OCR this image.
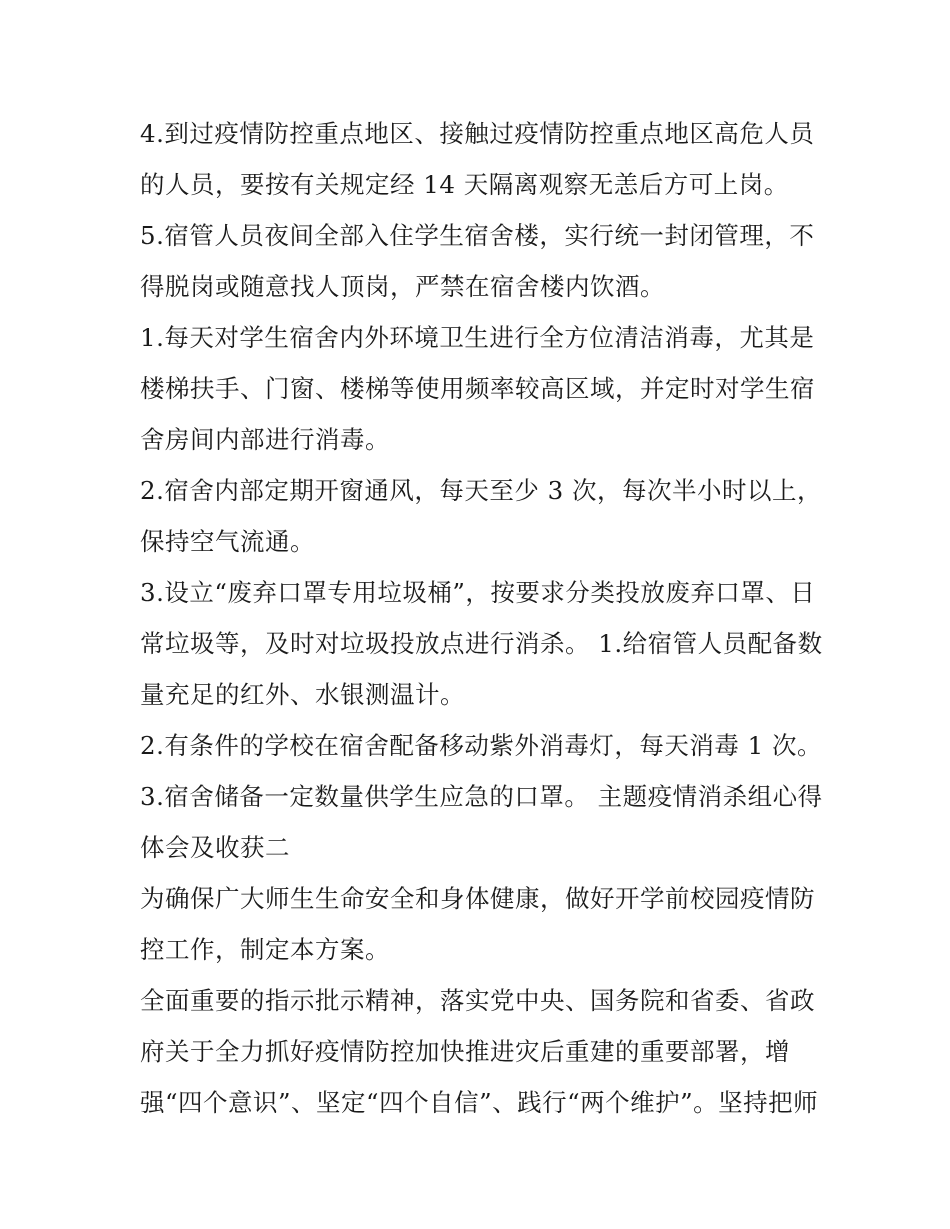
4.到过疫情防控重点地区、接触过疫情防控重点地区高危人员
的人员，要按有关规定经 14 天隔离观察无恙后方可上岗。
5.宿管人员夜间全部入住学生宿舍楼，实行统一封闭管理，不
得脱岗或随意找人顶岗，严禁在宿舍楼内饮酒。
1.每天对学生宿舍内外环境卫生进行全方位清洁消毒，尤其是
楼梯扶手、门窗、楼梯等使用频率较高区域，并定时对学生宿
舍房间内部进行消毒。
2.宿舍内部定期开窗通风，每天至少 3 次，每次半小时以上，
保持空气流通。
3.设立“废弃口罩专用垃圾桶”，按要求分类投放废弃口罩、日
常垃圾等，及时对垃圾投放点进行消杀。 1.给宿管人员配备数
量充足的红外、水银测温计。
2.有条件的学校在宿舍配备移动紫外消毒灯，每天消毒 1 次。
3.宿舍储备一定数量供学生应急的口罩。 主题疫情消杀组心得
体会及收获二
为确保广大师生生命安全和身体健康，做好开学前校园疫情防
控工作，制定本方案。
全面重要的指示批示精神，落实党中央、国务院和省委、省政
府关于全力抓好疫情防控加快推进灾后重建的重要部署，增
强“四个意识”、坚定“四个自信”、践行“两个维护”。坚持把师
